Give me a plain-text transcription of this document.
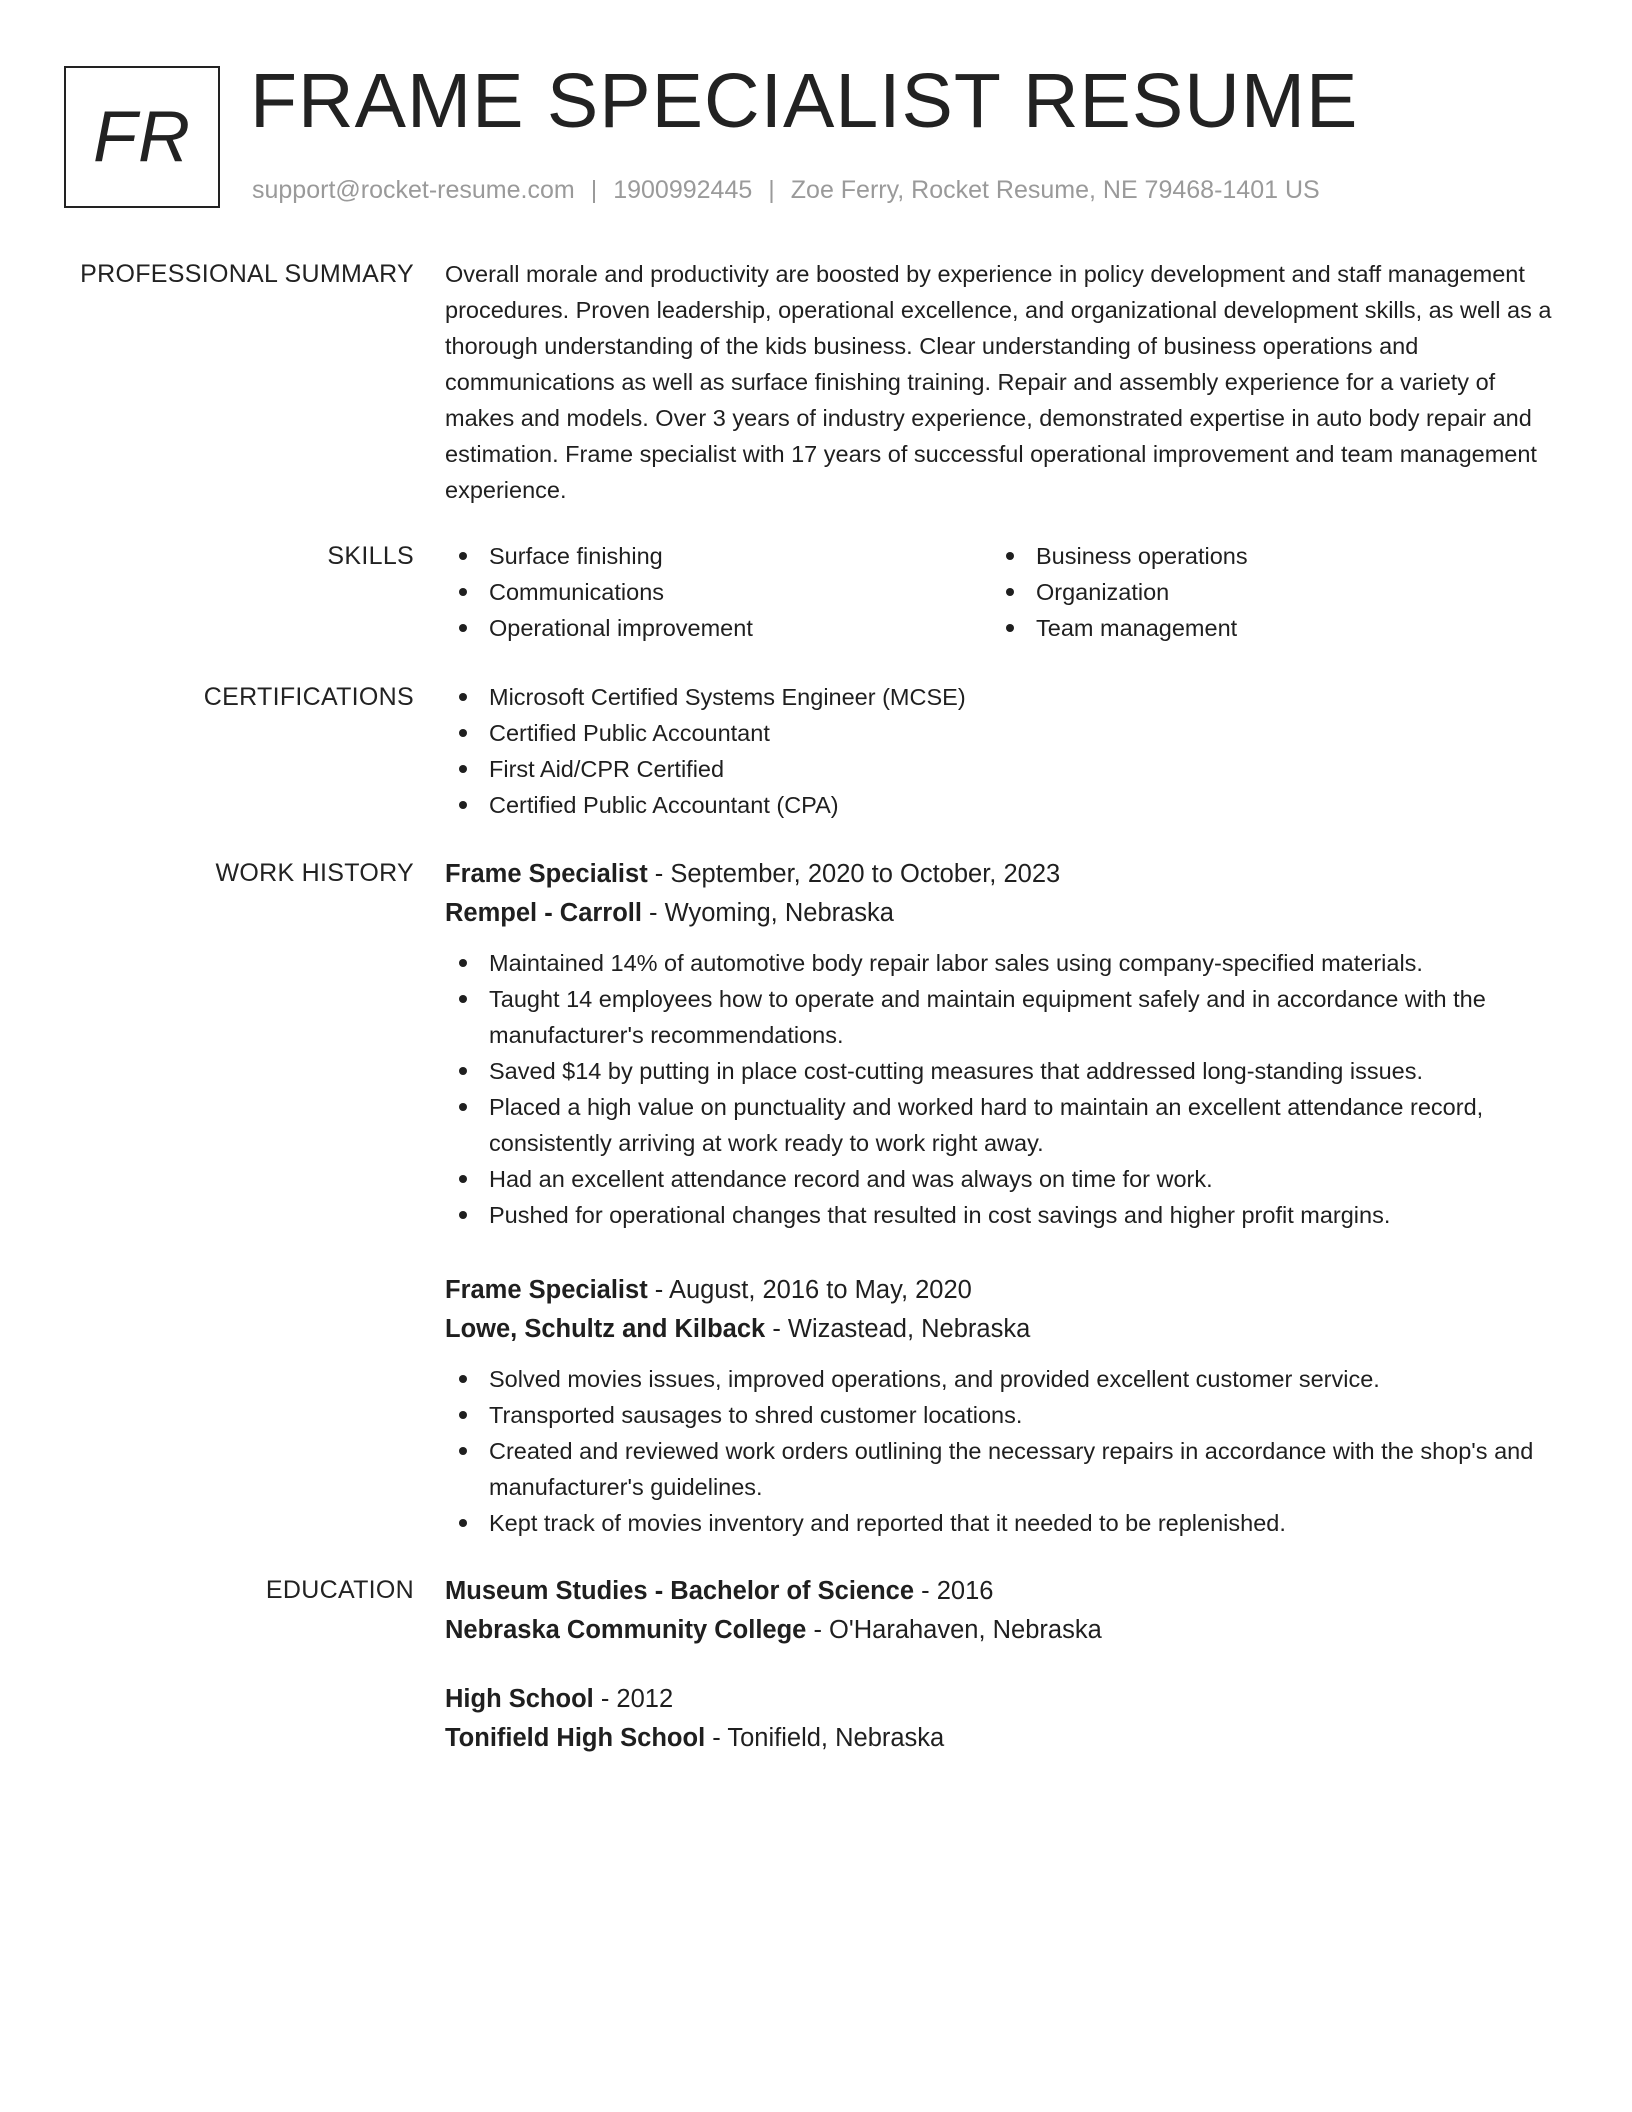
FR FRAME SPECIALIST RESUME
support@rocket-resume.com | 1900992445 | Zoe Ferry, Rocket Resume, NE 79468-1401 US
PROFESSIONAL SUMMARY Overall morale and productivity are boosted by experience in policy development and staff management procedures. Proven leadership, operational excellence, and organizational development skills, as well as a thorough understanding of the kids business. Clear understanding of business operations and communications as well as surface finishing training. Repair and assembly experience for a variety of makes and models. Over 3 years of industry experience, demonstrated expertise in auto body repair and estimation. Frame specialist with 17 years of successful operational improvement and team management experience.
SKILLS	Surface finishing
Communications
Operational improvement
Business operations
Organization
Team management
CERTIFICATIONS	Microsoft Certified Systems Engineer (MCSE)
Certified Public Accountant
First Aid/CPR Certified
Certified Public Accountant (CPA)
WORK HISTORY Frame Specialist - September, 2020 to October, 2023
Rempel - Carroll - Wyoming, Nebraska
Maintained 14% of automotive body repair labor sales using company-specified materials.
Taught 14 employees how to operate and maintain equipment safely and in accordance with the manufacturer's recommendations.
Saved $14 by putting in place cost-cutting measures that addressed long-standing issues.
Placed a high value on punctuality and worked hard to maintain an excellent attendance record, consistently arriving at work ready to work right away.
Had an excellent attendance record and was always on time for work.
Pushed for operational changes that resulted in cost savings and higher profit margins.
Frame Specialist - August, 2016 to May, 2020
Lowe, Schultz and Kilback - Wizastead, Nebraska
Solved movies issues, improved operations, and provided excellent customer service.
Transported sausages to shred customer locations.
Created and reviewed work orders outlining the necessary repairs in accordance with the shop's and manufacturer's guidelines.
Kept track of movies inventory and reported that it needed to be replenished.
EDUCATION Museum Studies - Bachelor of Science - 2016
Nebraska Community College - O'Harahaven, Nebraska
High School - 2012
Tonifield High School - Tonifield, Nebraska
